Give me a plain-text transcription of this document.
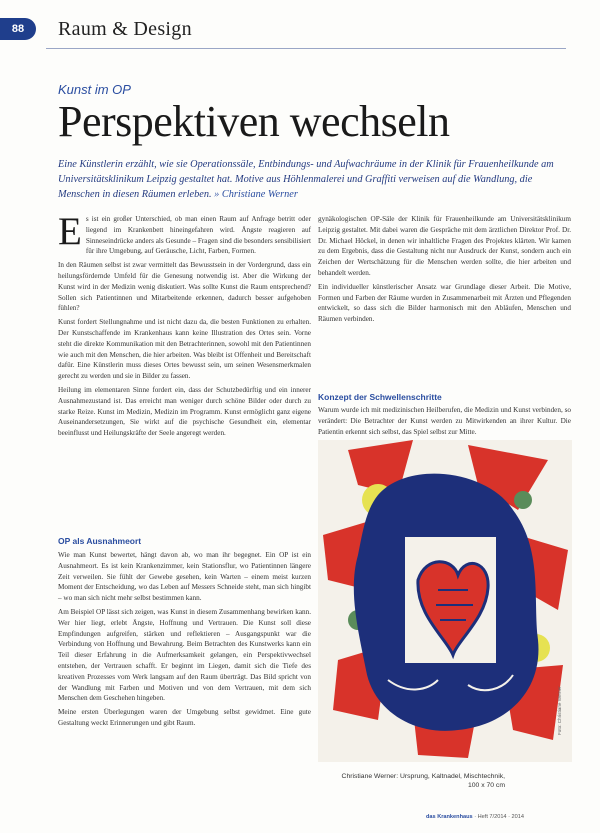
88	Raum & Design
Kunst im OP
Perspektiven wechseln
Eine Künstlerin erzählt, wie sie Operationssäle, Entbindungs- und Aufwachräume in der Klinik für Frauenheilkunde am Universitätsklinikum Leipzig gestaltet hat. Motive aus Höhlenmalerei und Graffiti verweisen auf die Wandlung, die Menschen in diesen Räumen erleben. » Christiane Werner

Es ist ein großer Unterschied, ob man einen Raum auf Anfrage betritt oder liegend im Krankenbett hineingefahren wird. Ängste reagieren auf Sinneseindrücke anders als Gesunde – Fragen sind die besonders sensibilisiert für ihre Umgebung, auf Geräusche, Licht, Farben, Formen.

In den Räumen selbst ist zwar vermittelt das Bewusstsein in der Vordergrund, dass ein heilungsfördernde Umfeld für die Genesung notwendig ist. Aber die Wirkung der Kunst wird in der Medizin wenig diskutiert. Was sollte Kunst die Raum entsprechend? Sollen sich Patientinnen und Mitarbeitende erkennen, dadurch besser aufgehoben fühlen?

Kunst fordert Stellungnahme und ist nicht dazu da, die besten Funktionen zu erhalten. Der Kunstschaffende im Krankenhaus kann keine Illustration des Ortes sein. Vorne steht die direkte Kommunikation mit den Betrachterinnen, sowohl mit den Patientinnen wie auch mit den Menschen, die hier arbeiten. Was bleibt ist Offenheit und Bereitschaft dafür. Eine Künstlerin muss dieses Ortes bewusst sein, um seinen Wesensmerkmalen gerecht zu werden und sie in Bilder zu fassen.

Heilung im elementaren Sinne fordert ein, dass der Schutzbedürftig und ein innerer Ausnahmezustand ist. Das erreicht man weniger durch schöne Bilder oder durch zu starke Reize. Kunst im Medizin, Medizin im Programm. Kunst ermöglicht ganz eigene Auseinandersetzungen, Sie wirkt auf die psychische Gesundheit ein, elementar beeinflusst und Heilungskräfte der Seele angeregt werden.

OP als Ausnahmeort

Wie man Kunst bewertet, hängt davon ab, wo man ihr begegnet. Ein OP ist ein Ausnahmeort. Es ist kein Krankenzimmer, kein Stationsflur, wo Patientinnen längere Zeit verweilen. Sie fühlt der Gewebe gesehen, kein Warten – einem meist kurzen Moment der Entscheidung, wo das Leben auf Messers Schneide steht, man sich hingibt – wo man sich nicht mehr selbst bestimmen kann.

Am Beispiel OP lässt sich zeigen, was Kunst in diesem Zusammenhang bewirken kann. Wer hier liegt, erlebt Ängste, Hoffnung und Vertrauen. Die Kunst soll diese Empfindungen aufgreifen, stärken und reflektieren – Ausgangspunkt war die Verbindung von Hoffnung und Bewahrung. Beim Betrachten des Kunstwerks kann ein Teil dieser Erfahrung in die Aufmerksamkeit gelangen, ein Perspektivwechsel entstehen, der Vertrauen schafft. Er beginnt im Liegen, damit sich die Tiefe des kreativen Prozesses vom Werk langsam auf den Raum überträgt. Das Bild spricht von der Wandlung mit Farben und Motiven und von dem Vertrauen, mit dem sich Menschen dem Geschehen hingeben.

Meine ersten Überlegungen waren der Umgebung selbst gewidmet. Eine gute Gestaltung weckt Erinnerungen und gibt Raum.

gynäkologischen OP-Säle der Klinik für Frauenheilkunde am Universitätsklinikum Leipzig gestaltet. Mit dabei waren die Gespräche mit dem ärztlichen Direktor Prof. Dr. Dr. Michael Höckel, in denen wir inhaltliche Fragen des Projektes klärten. Wir kamen zu dem Ergebnis, dass die Gestaltung nicht nur Ausdruck der Kunst, sondern auch ein Zeichen der Wertschätzung für die Menschen werden sollte, die hier arbeiten und behandelt werden.

Ein individueller künstlerischer Ansatz war Grundlage dieser Arbeit. Die Motive, Formen und Farben der Räume wurden in Zusammenarbeit mit Ärzten und Pflegenden entwickelt, so dass sich die Bilder harmonisch mit den Abläufen, Menschen und Räumen verbinden.

Konzept der Schwellenschritte

Warum wurde ich mit medizinischen Heilberufen, die Medizin und Kunst verbinden, so verändert: Die Betrachter der Kunst werden zu Mitwirkenden an ihrer Kultur. Die Patientin erkennt sich selbst, das Spiel selbst zur Mitte.

Foto: Christiane Werner
Christiane Werner: Ursprung, Kaltnadel, Mischtechnik, 100 x 70 cm
das Krankenhaus · Heft 7/2014 · 2014
